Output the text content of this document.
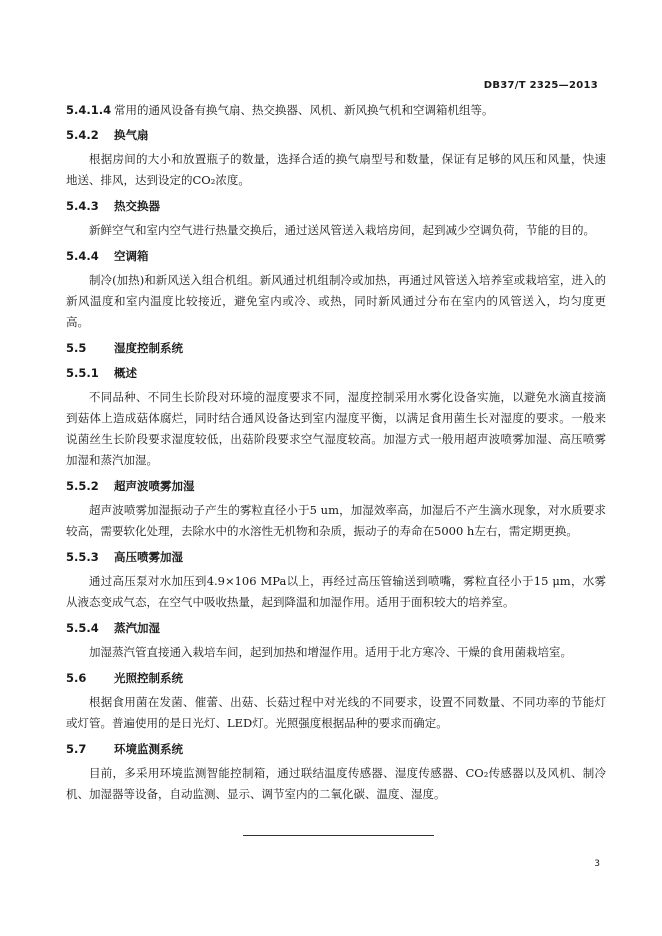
DB37/T 2325—2013
5.4.1.4 常用的通风设备有换气扇、热交换器、风机、新风换气机和空调箱机组等。
5.4.2 换气扇

根据房间的大小和放置瓶子的数量，选择合适的换气扇型号和数量，保证有足够的风压和风量，快速地送、排风，达到设定的CO₂浓度。

5.4.3 热交换器

新鲜空气和室内空气进行热量交换后，通过送风管送入栽培房间，起到减少空调负荷，节能的目的。

5.4.4 空调箱

制冷(加热)和新风送入组合机组。新风通过机组制冷或加热，再通过风管送入培养室或栽培室，进入的新风温度和室内温度比较接近，避免室内或冷、或热，同时新风通过分布在室内的风管送入，均匀度更高。

5.5 湿度控制系统
5.5.1 概述

不同品种、不同生长阶段对环境的湿度要求不同，湿度控制采用水雾化设备实施，以避免水滴直接滴到菇体上造成菇体腐烂，同时结合通风设备达到室内湿度平衡，以满足食用菌生长对湿度的要求。一般来说菌丝生长阶段要求湿度较低，出菇阶段要求空气湿度较高。加湿方式一般用超声波喷雾加湿、高压喷雾加湿和蒸汽加湿。

5.5.2 超声波喷雾加湿

超声波喷雾加湿振动子产生的雾粒直径小于5 um，加湿效率高，加湿后不产生滴水现象，对水质要求较高，需要软化处理，去除水中的水溶性无机物和杂质，振动子的寿命在5000 h左右，需定期更换。

5.5.3 高压喷雾加湿

通过高压泵对水加压到4.9×106 MPa以上，再经过高压管输送到喷嘴，雾粒直径小于15 μm，水雾从液态变成气态，在空气中吸收热量，起到降温和加湿作用。适用于面积较大的培养室。

5.5.4 蒸汽加湿

加湿蒸汽管直接通入栽培车间，起到加热和增湿作用。适用于北方寒冷、干燥的食用菌栽培室。

5.6 光照控制系统

根据食用菌在发菌、催蕾、出菇、长菇过程中对光线的不同要求，设置不同数量、不同功率的节能灯或灯管。普遍使用的是日光灯、LED灯。光照强度根据品种的要求而确定。

5.7 环境监测系统

目前，多采用环境监测智能控制箱，通过联结温度传感器、湿度传感器、CO₂传感器以及风机、制冷机、加湿器等设备，自动监测、显示、调节室内的二氧化碳、温度、湿度。

3
